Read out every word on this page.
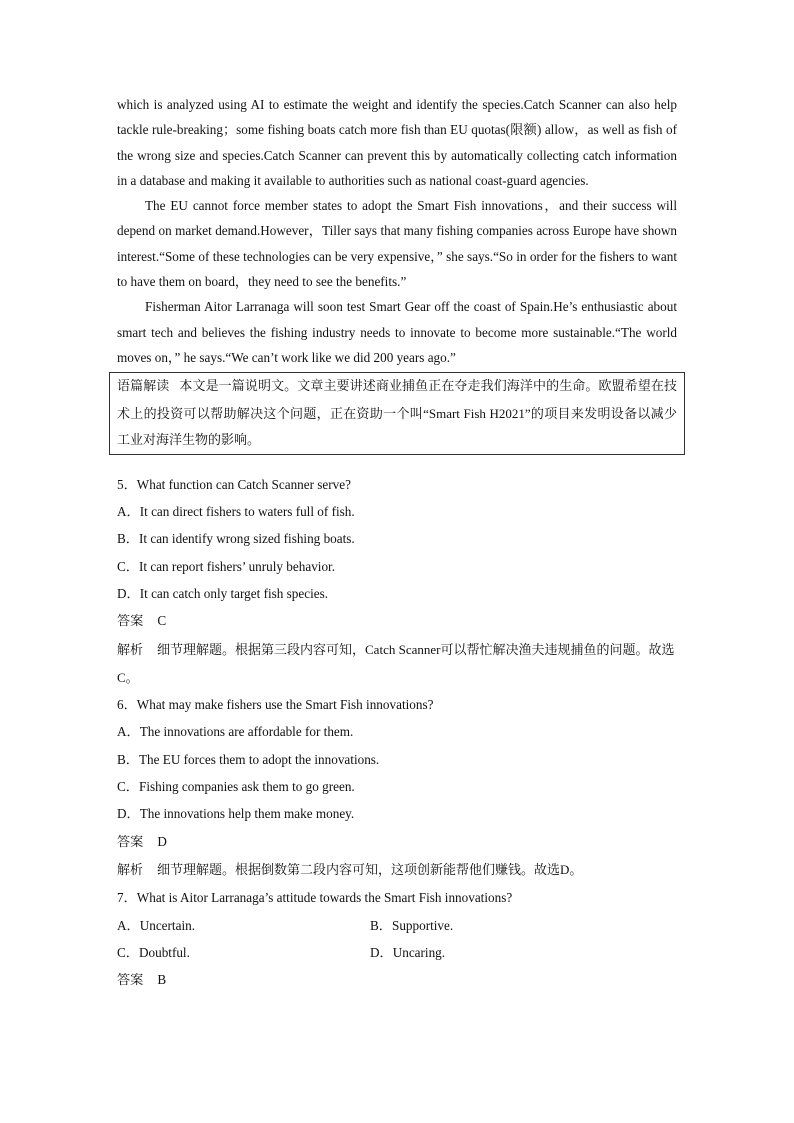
which is analyzed using AI to estimate the weight and identify the species.Catch Scanner can also help tackle rule-breaking；some fishing boats catch more fish than EU quotas(限额) allow，as well as fish of the wrong size and species.Catch Scanner can prevent this by automatically collecting catch information in a database and making it available to authorities such as national coast-guard agencies.

The EU cannot force member states to adopt the Smart Fish innovations，and their success will depend on market demand.However，Tiller says that many fishing companies across Europe have shown interest.“Some of these technologies can be very expensive，” she says.“So in order for the fishers to want to have them on board，they need to see the benefits.”

Fisherman Aitor Larranaga will soon test Smart Gear off the coast of Spain.He’s enthusiastic about smart tech and believes the fishing industry needs to innovate to become more sustainable.“The world moves on，” he says.“We can’t work like we did 200 years ago.”

语篇解读 本文是一篇说明文。文章主要讲述商业捕鱼正在夺走我们海洋中的生命。欧盟希望在技术上的投资可以帮助解决这个问题，正在资助一个叫“Smart Fish H2021”的项目来发明设备以减少工业对海洋生物的影响。

5．What function can Catch Scanner serve?

A．It can direct fishers to waters full of fish.

B．It can identify wrong sized fishing boats.

C．It can report fishers’ unruly behavior.

D．It can catch only target fish species.

答案 C

解析 细节理解题。根据第三段内容可知，Catch Scanner可以帮忙解决渔夫违规捕鱼的问题。故选C。

6．What may make fishers use the Smart Fish innovations?

A．The innovations are affordable for them.

B．The EU forces them to adopt the innovations.

C．Fishing companies ask them to go green.

D．The innovations help them make money.

答案 D

解析 细节理解题。根据倒数第二段内容可知，这项创新能帮他们赚钱。故选D。

7．What is Aitor Larranaga’s attitude towards the Smart Fish innovations?

A．Uncertain.	B．Supportive.

C．Doubtful.	D．Uncaring.

答案 B
